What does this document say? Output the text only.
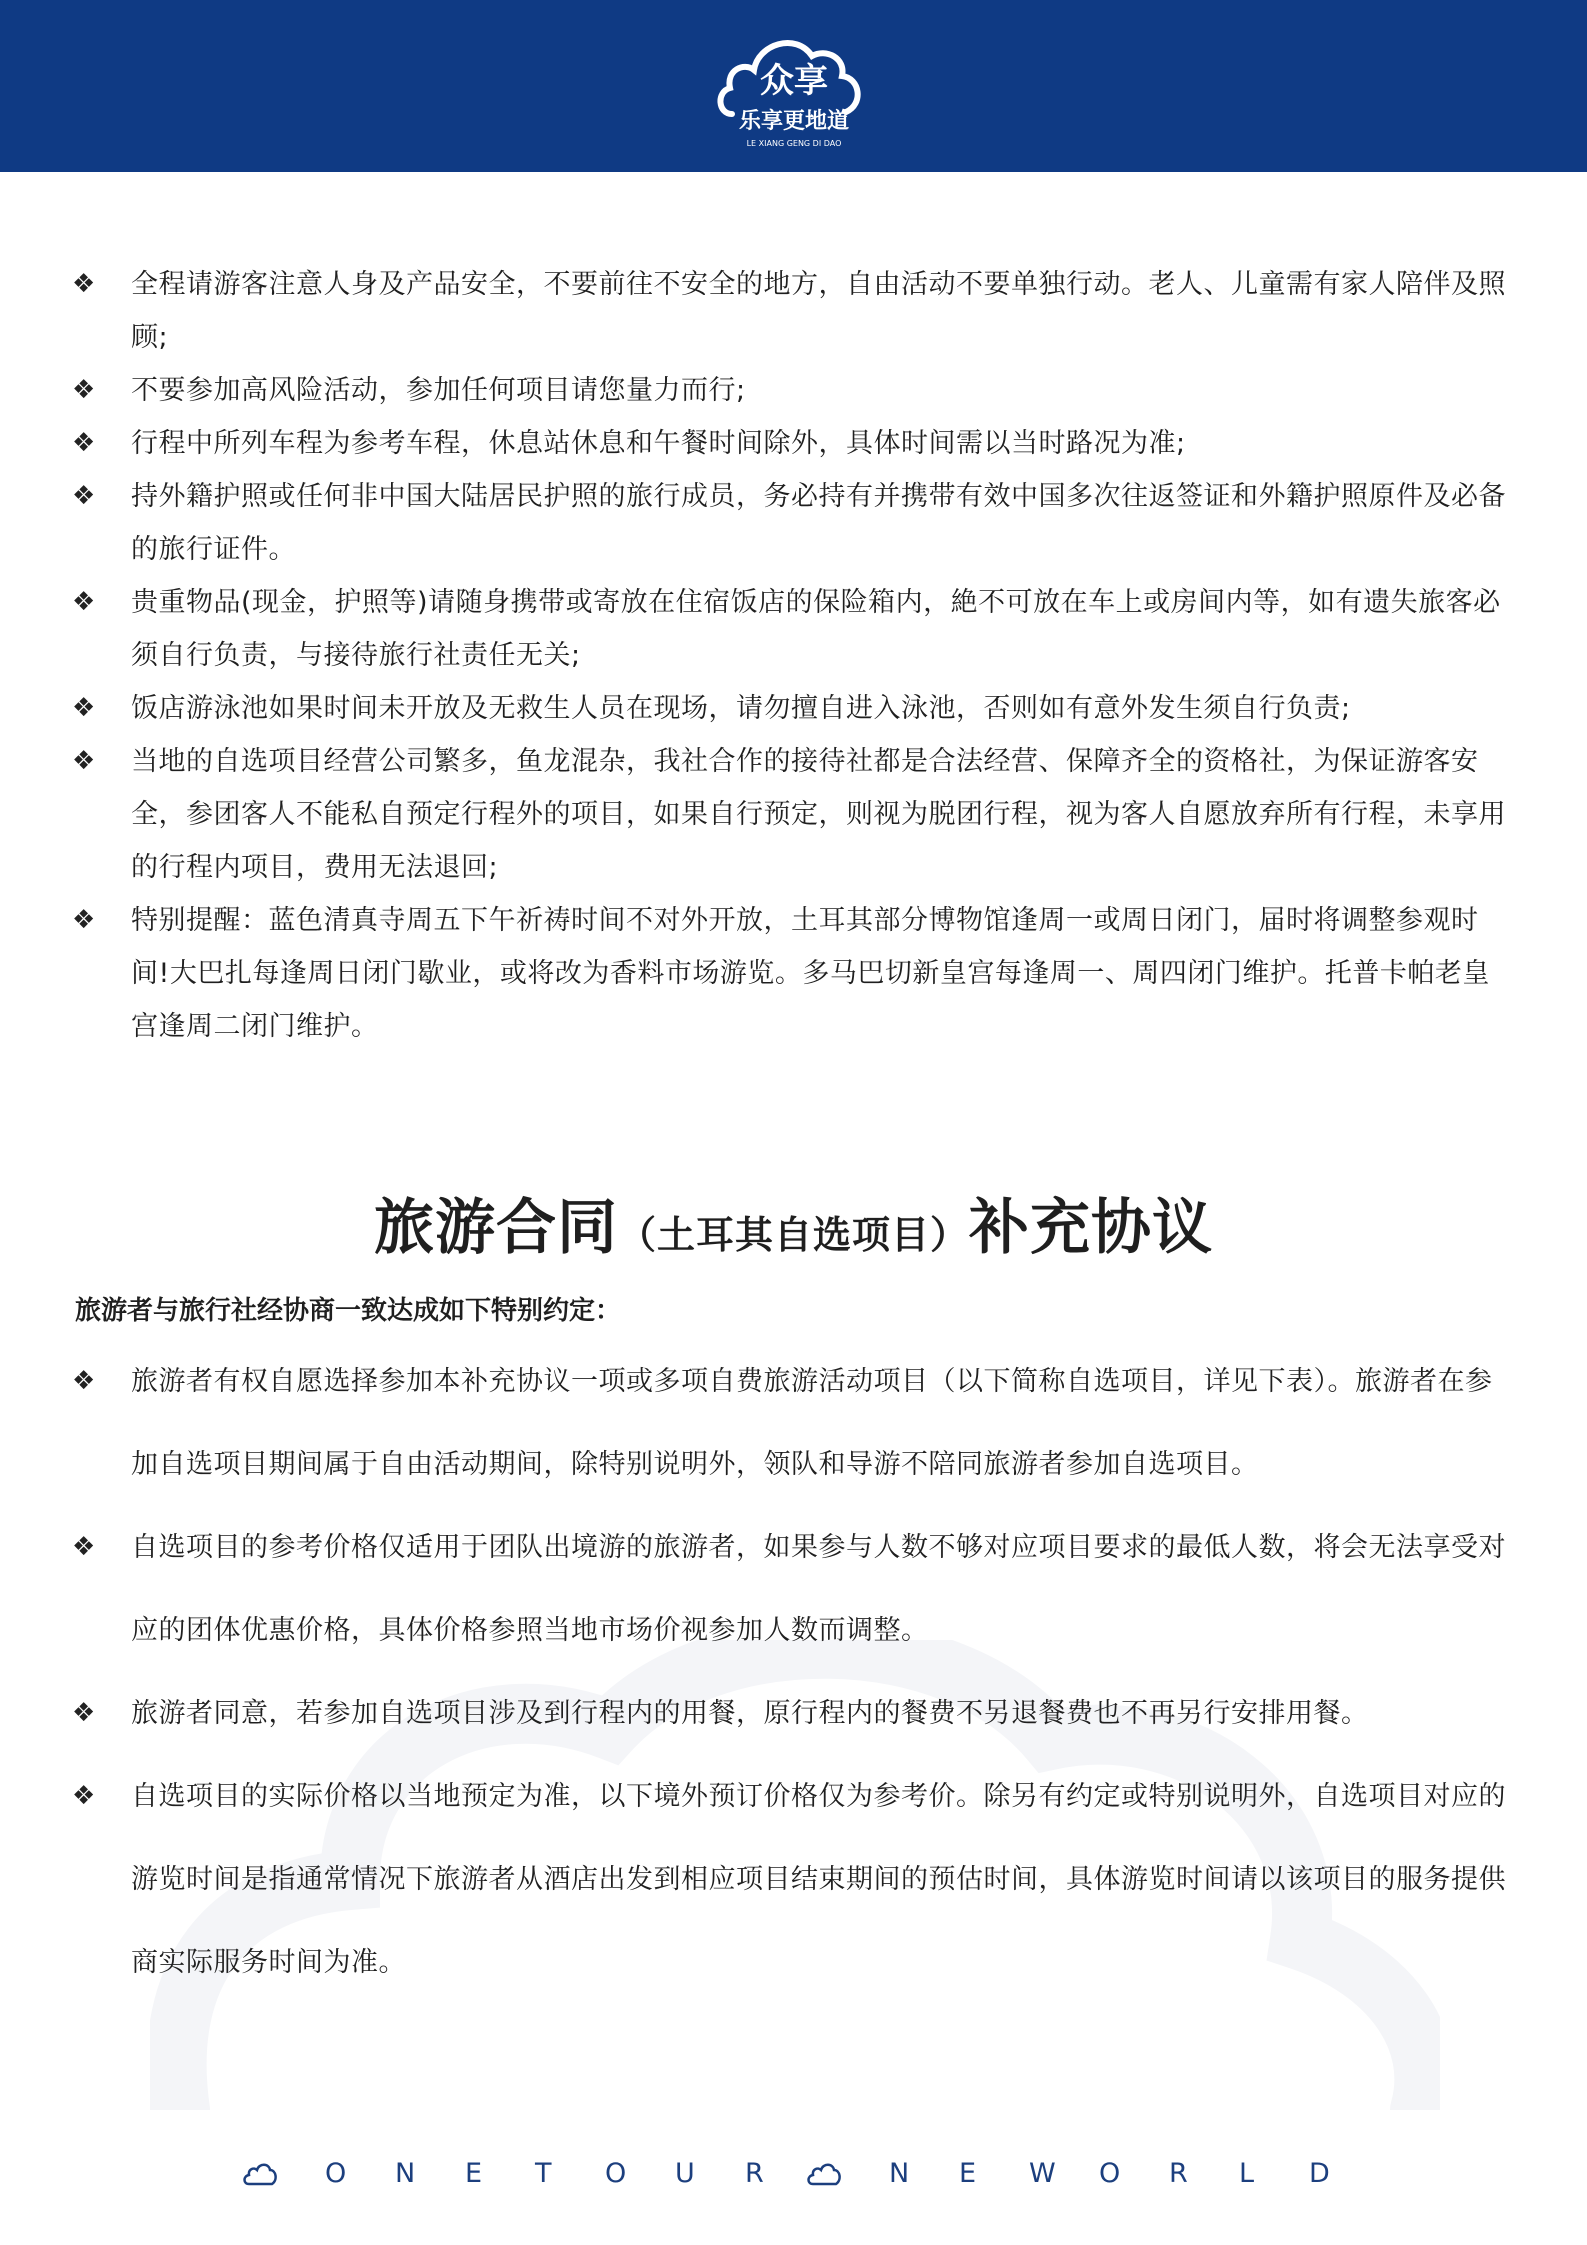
众享
乐享更地道
LE XIANG GENG DI DAO
❖ 全程请游客注意人身及产品安全，不要前往不安全的地方，自由活动不要单独行动。老人、儿童需有家人陪伴及照顾;
❖ 不要参加高风险活动，参加任何项目请您量力而行;
❖ 行程中所列车程为参考车程，休息站休息和午餐时间除外，具体时间需以当时路况为准;
❖ 持外籍护照或任何非中国大陆居民护照的旅行成员，务必持有并携带有效中国多次往返签证和外籍护照原件及必备的旅行证件。
❖ 贵重物品(现金，护照等)请随身携带或寄放在住宿饭店的保险箱内，絶不可放在车上或房间内等，如有遗失旅客必须自行负责，与接待旅行社责任无关;
❖ 饭店游泳池如果时间未开放及无救生人员在现场，请勿擅自进入泳池，否则如有意外发生须自行负责;
❖ 当地的自选项目经营公司繁多，鱼龙混杂，我社合作的接待社都是合法经营、保障齐全的资格社，为保证游客安全，参团客人不能私自预定行程外的项目，如果自行预定，则视为脱团行程，视为客人自愿放弃所有行程，未享用的行程内项目，费用无法退回;
❖ 特别提醒：蓝色清真寺周五下午祈祷时间不对外开放，土耳其部分博物馆逢周一或周日闭门，届时将调整参观时间!大巴扎每逢周日闭门歇业，或将改为香料市场游览。多马巴切新皇宫每逢周一、周四闭门维护。托普卡帕老皇宫逢周二闭门维护。
旅游合同（土耳其自选项目）补充协议
旅游者与旅行社经协商一致达成如下特别约定：
❖ 旅游者有权自愿选择参加本补充协议一项或多项自费旅游活动项目（以下简称自选项目，详见下表）。旅游者在参加自选项目期间属于自由活动期间，除特别说明外，领队和导游不陪同旅游者参加自选项目。
❖ 自选项目的参考价格仅适用于团队出境游的旅游者，如果参与人数不够对应项目要求的最低人数，将会无法享受对应的团体优惠价格，具体价格参照当地市场价视参加人数而调整。
❖ 旅游者同意，若参加自选项目涉及到行程内的用餐，原行程内的餐费不另退餐费也不再另行安排用餐。
❖ 自选项目的实际价格以当地预定为准，以下境外预订价格仅为参考价。除另有约定或特别说明外，自选项目对应的游览时间是指通常情况下旅游者从酒店出发到相应项目结束期间的预估时间，具体游览时间请以该项目的服务提供商实际服务时间为准。
O	N	E	T	O	U	R	N	E	W	O	R	L	D
